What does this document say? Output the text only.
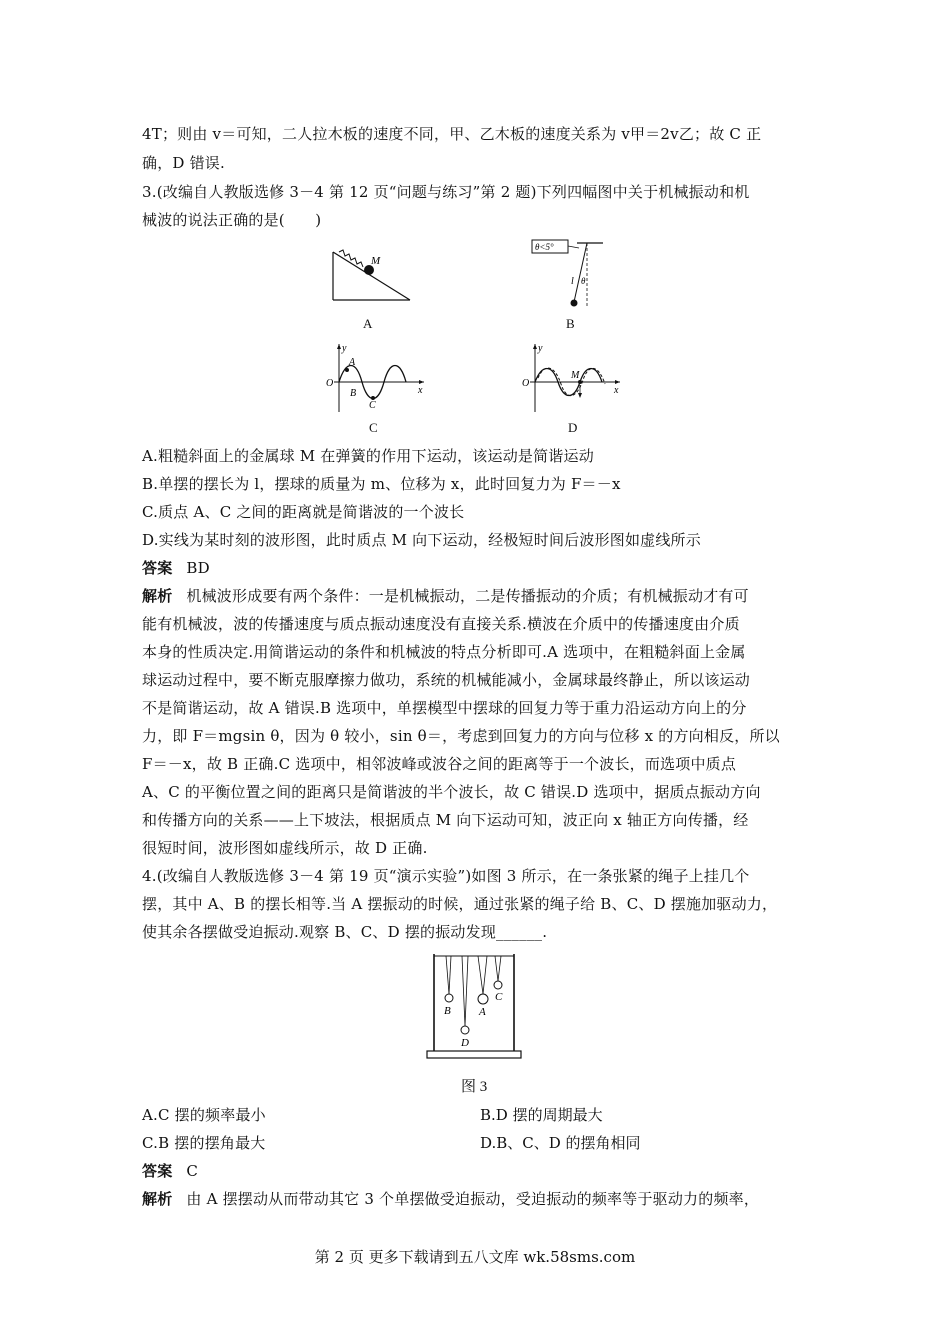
4T；则由 v＝可知，二人拉木板的速度不同，甲、乙木板的速度关系为 v甲＝2v乙；故 C 正
确，D 错误.
3.(改编自人教版选修 3－4 第 12 页“问题与练习”第 2 题)下列四幅图中关于机械振动和机
械波的说法正确的是(　　)
M
A
θ<5°
l θ
B
y
x
O
A
B
C
C
y
x
O
M
D
A.粗糙斜面上的金属球 M 在弹簧的作用下运动，该运动是简谐运动
B.单摆的摆长为 l，摆球的质量为 m、位移为 x，此时回复力为 F＝－x
C.质点 A、C 之间的距离就是简谐波的一个波长
D.实线为某时刻的波形图，此时质点 M 向下运动，经极短时间后波形图如虚线所示
答案 BD
解析 机械波形成要有两个条件：一是机械振动，二是传播振动的介质；有机械振动才有可
能有机械波，波的传播速度与质点振动速度没有直接关系.横波在介质中的传播速度由介质
本身的性质决定.用简谐运动的条件和机械波的特点分析即可.A 选项中，在粗糙斜面上金属
球运动过程中，要不断克服摩擦力做功，系统的机械能减小，金属球最终静止，所以该运动
不是简谐运动，故 A 错误.B 选项中，单摆模型中摆球的回复力等于重力沿运动方向上的分
力，即 F＝mgsin θ，因为 θ 较小，sin θ＝，考虑到回复力的方向与位移 x 的方向相反，所以
F＝－x，故 B 正确.C 选项中，相邻波峰或波谷之间的距离等于一个波长，而选项中质点
A、C 的平衡位置之间的距离只是简谐波的半个波长，故 C 错误.D 选项中，据质点振动方向
和传播方向的关系——上下坡法，根据质点 M 向下运动可知，波正向 x 轴正方向传播，经
很短时间，波形图如虚线所示，故 D 正确.
4.(改编自人教版选修 3－4 第 19 页“演示实验”)如图 3 所示，在一条张紧的绳子上挂几个
摆，其中 A、B 的摆长相等.当 A 摆振动的时候，通过张紧的绳子给 B、C、D 摆施加驱动力，
使其余各摆做受迫振动.观察 B、C、D 摆的振动发现______.
B
D
A
C
图 3
A.C 摆的频率最小	B.D 摆的周期最大
C.B 摆的摆角最大	D.B、C、D 的摆角相同
答案 C
解析 由 A 摆摆动从而带动其它 3 个单摆做受迫振动，受迫振动的频率等于驱动力的频率，
第 2 页 更多下载请到五八文库 wk.58sms.com
